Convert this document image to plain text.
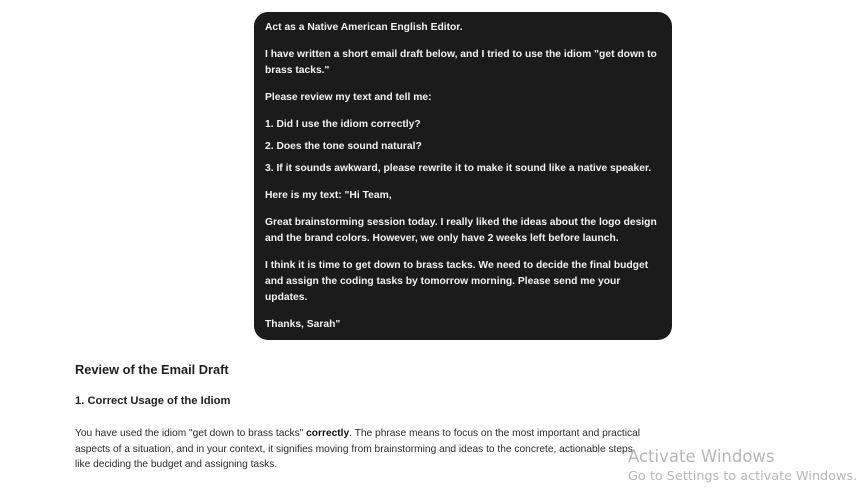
Act as a Native American English Editor.

I have written a short email draft below, and I tried to use the idiom "get down to brass tacks."

Please review my text and tell me:

1. Did I use the idiom correctly?

2. Does the tone sound natural?

3. If it sounds awkward, please rewrite it to make it sound like a native speaker.

Here is my text: "Hi Team,

Great brainstorming session today. I really liked the ideas about the logo design and the brand colors. However, we only have 2 weeks left before launch.

I think it is time to get down to brass tacks. We need to decide the final budget and assign the coding tasks by tomorrow morning. Please send me your updates.

Thanks, Sarah"

Review of the Email Draft
1. Correct Usage of the Idiom
You have used the idiom "get down to brass tacks" correctly. The phrase means to focus on the most important and practical aspects of a situation, and in your context, it signifies moving from brainstorming and ideas to the concrete, actionable steps like deciding the budget and assigning tasks.	Activate Windows
Go to Settings to activate Windows.
